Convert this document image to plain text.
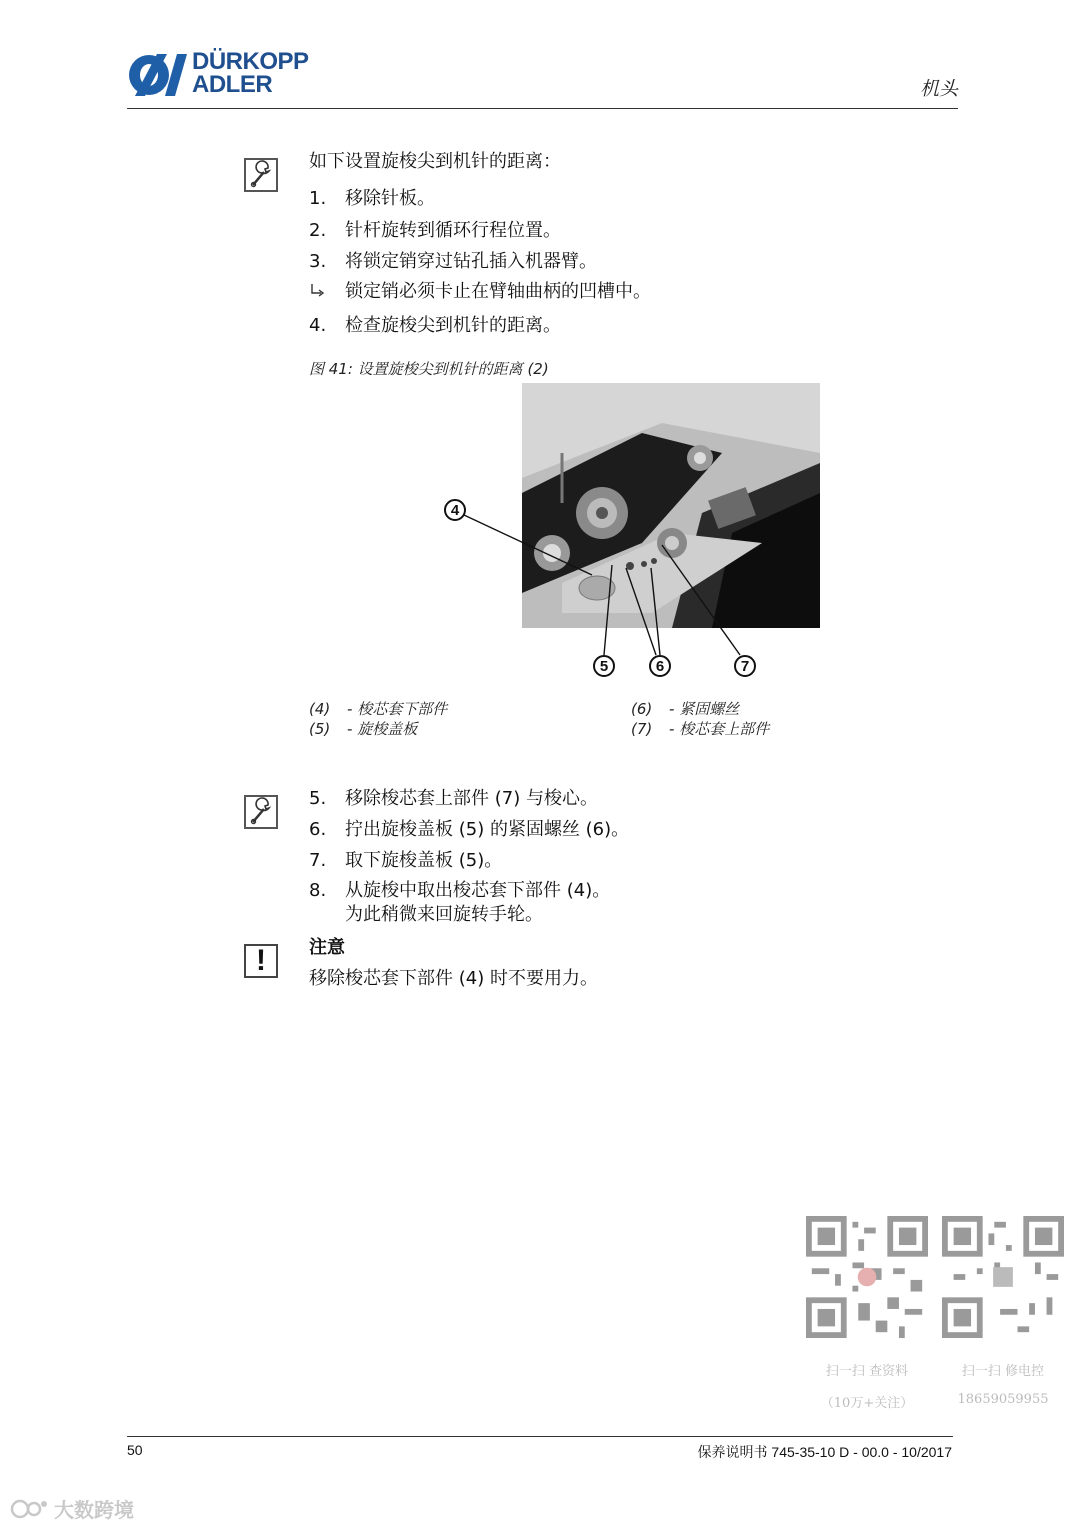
DÜRKOPP
ADLER	机头
如下设置旋梭尖到机针的距离：
1. 移除针板。
2. 针杆旋转到循环行程位置。
3. 将锁定销穿过钻孔插入机器臂。
锁定销必须卡止在臂轴曲柄的凹槽中。
4. 检查旋梭尖到机针的距离。
图 41: 设置旋梭尖到机针的距离 (2)
4
5	6	7
(4) - 梭芯套下部件
(5) - 旋梭盖板
(6) - 紧固螺丝
(7) - 梭芯套上部件
5. 移除梭芯套上部件 (7) 与梭心。
6. 拧出旋梭盖板 (5) 的紧固螺丝 (6)。
7. 取下旋梭盖板 (5)。
8. 从旋梭中取出梭芯套下部件 (4)。
为此稍微来回旋转手轮。
! 注意
移除梭芯套下部件 (4) 时不要用力。
扫一扫 查资料
（10万+关注）
扫一扫 修电控
18659059955
50	保养说明书 745-35-10 D - 00.0 - 10/2017
大数跨境
